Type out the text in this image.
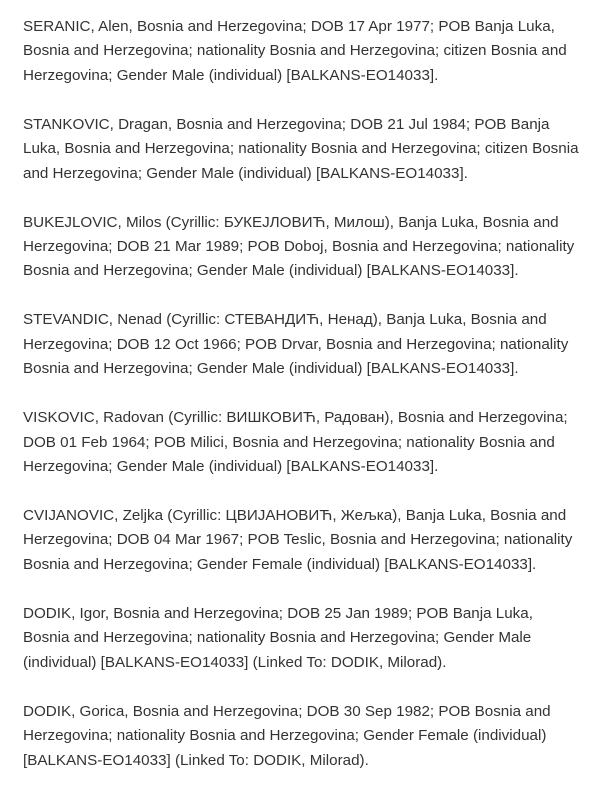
SERANIC, Alen, Bosnia and Herzegovina; DOB 17 Apr 1977; POB Banja Luka, Bosnia and Herzegovina; nationality Bosnia and Herzegovina; citizen Bosnia and Herzegovina; Gender Male (individual) [BALKANS-EO14033].

STANKOVIC, Dragan, Bosnia and Herzegovina; DOB 21 Jul 1984; POB Banja Luka, Bosnia and Herzegovina; nationality Bosnia and Herzegovina; citizen Bosnia and Herzegovina; Gender Male (individual) [BALKANS-EO14033].

BUKEJLOVIC, Milos (Cyrillic: БУКЕЈЛОВИЋ, Милош), Banja Luka, Bosnia and Herzegovina; DOB 21 Mar 1989; POB Doboj, Bosnia and Herzegovina; nationality Bosnia and Herzegovina; Gender Male (individual) [BALKANS-EO14033].

STEVANDIC, Nenad (Cyrillic: СТЕВАНДИЋ, Ненад), Banja Luka, Bosnia and Herzegovina; DOB 12 Oct 1966; POB Drvar, Bosnia and Herzegovina; nationality Bosnia and Herzegovina; Gender Male (individual) [BALKANS-EO14033].

VISKOVIC, Radovan (Cyrillic: ВИШКОВИЋ, Радован), Bosnia and Herzegovina; DOB 01 Feb 1964; POB Milici, Bosnia and Herzegovina; nationality Bosnia and Herzegovina; Gender Male (individual) [BALKANS-EO14033].

CVIJANOVIC, Zeljka (Cyrillic: ЦВИЈАНОВИЋ, Жељка), Banja Luka, Bosnia and Herzegovina; DOB 04 Mar 1967; POB Teslic, Bosnia and Herzegovina; nationality Bosnia and Herzegovina; Gender Female (individual) [BALKANS-EO14033].

DODIK, Igor, Bosnia and Herzegovina; DOB 25 Jan 1989; POB Banja Luka, Bosnia and Herzegovina; nationality Bosnia and Herzegovina; Gender Male (individual) [BALKANS-EO14033] (Linked To: DODIK, Milorad).

DODIK, Gorica, Bosnia and Herzegovina; DOB 30 Sep 1982; POB Bosnia and Herzegovina; nationality Bosnia and Herzegovina; Gender Female (individual) [BALKANS-EO14033] (Linked To: DODIK, Milorad).
